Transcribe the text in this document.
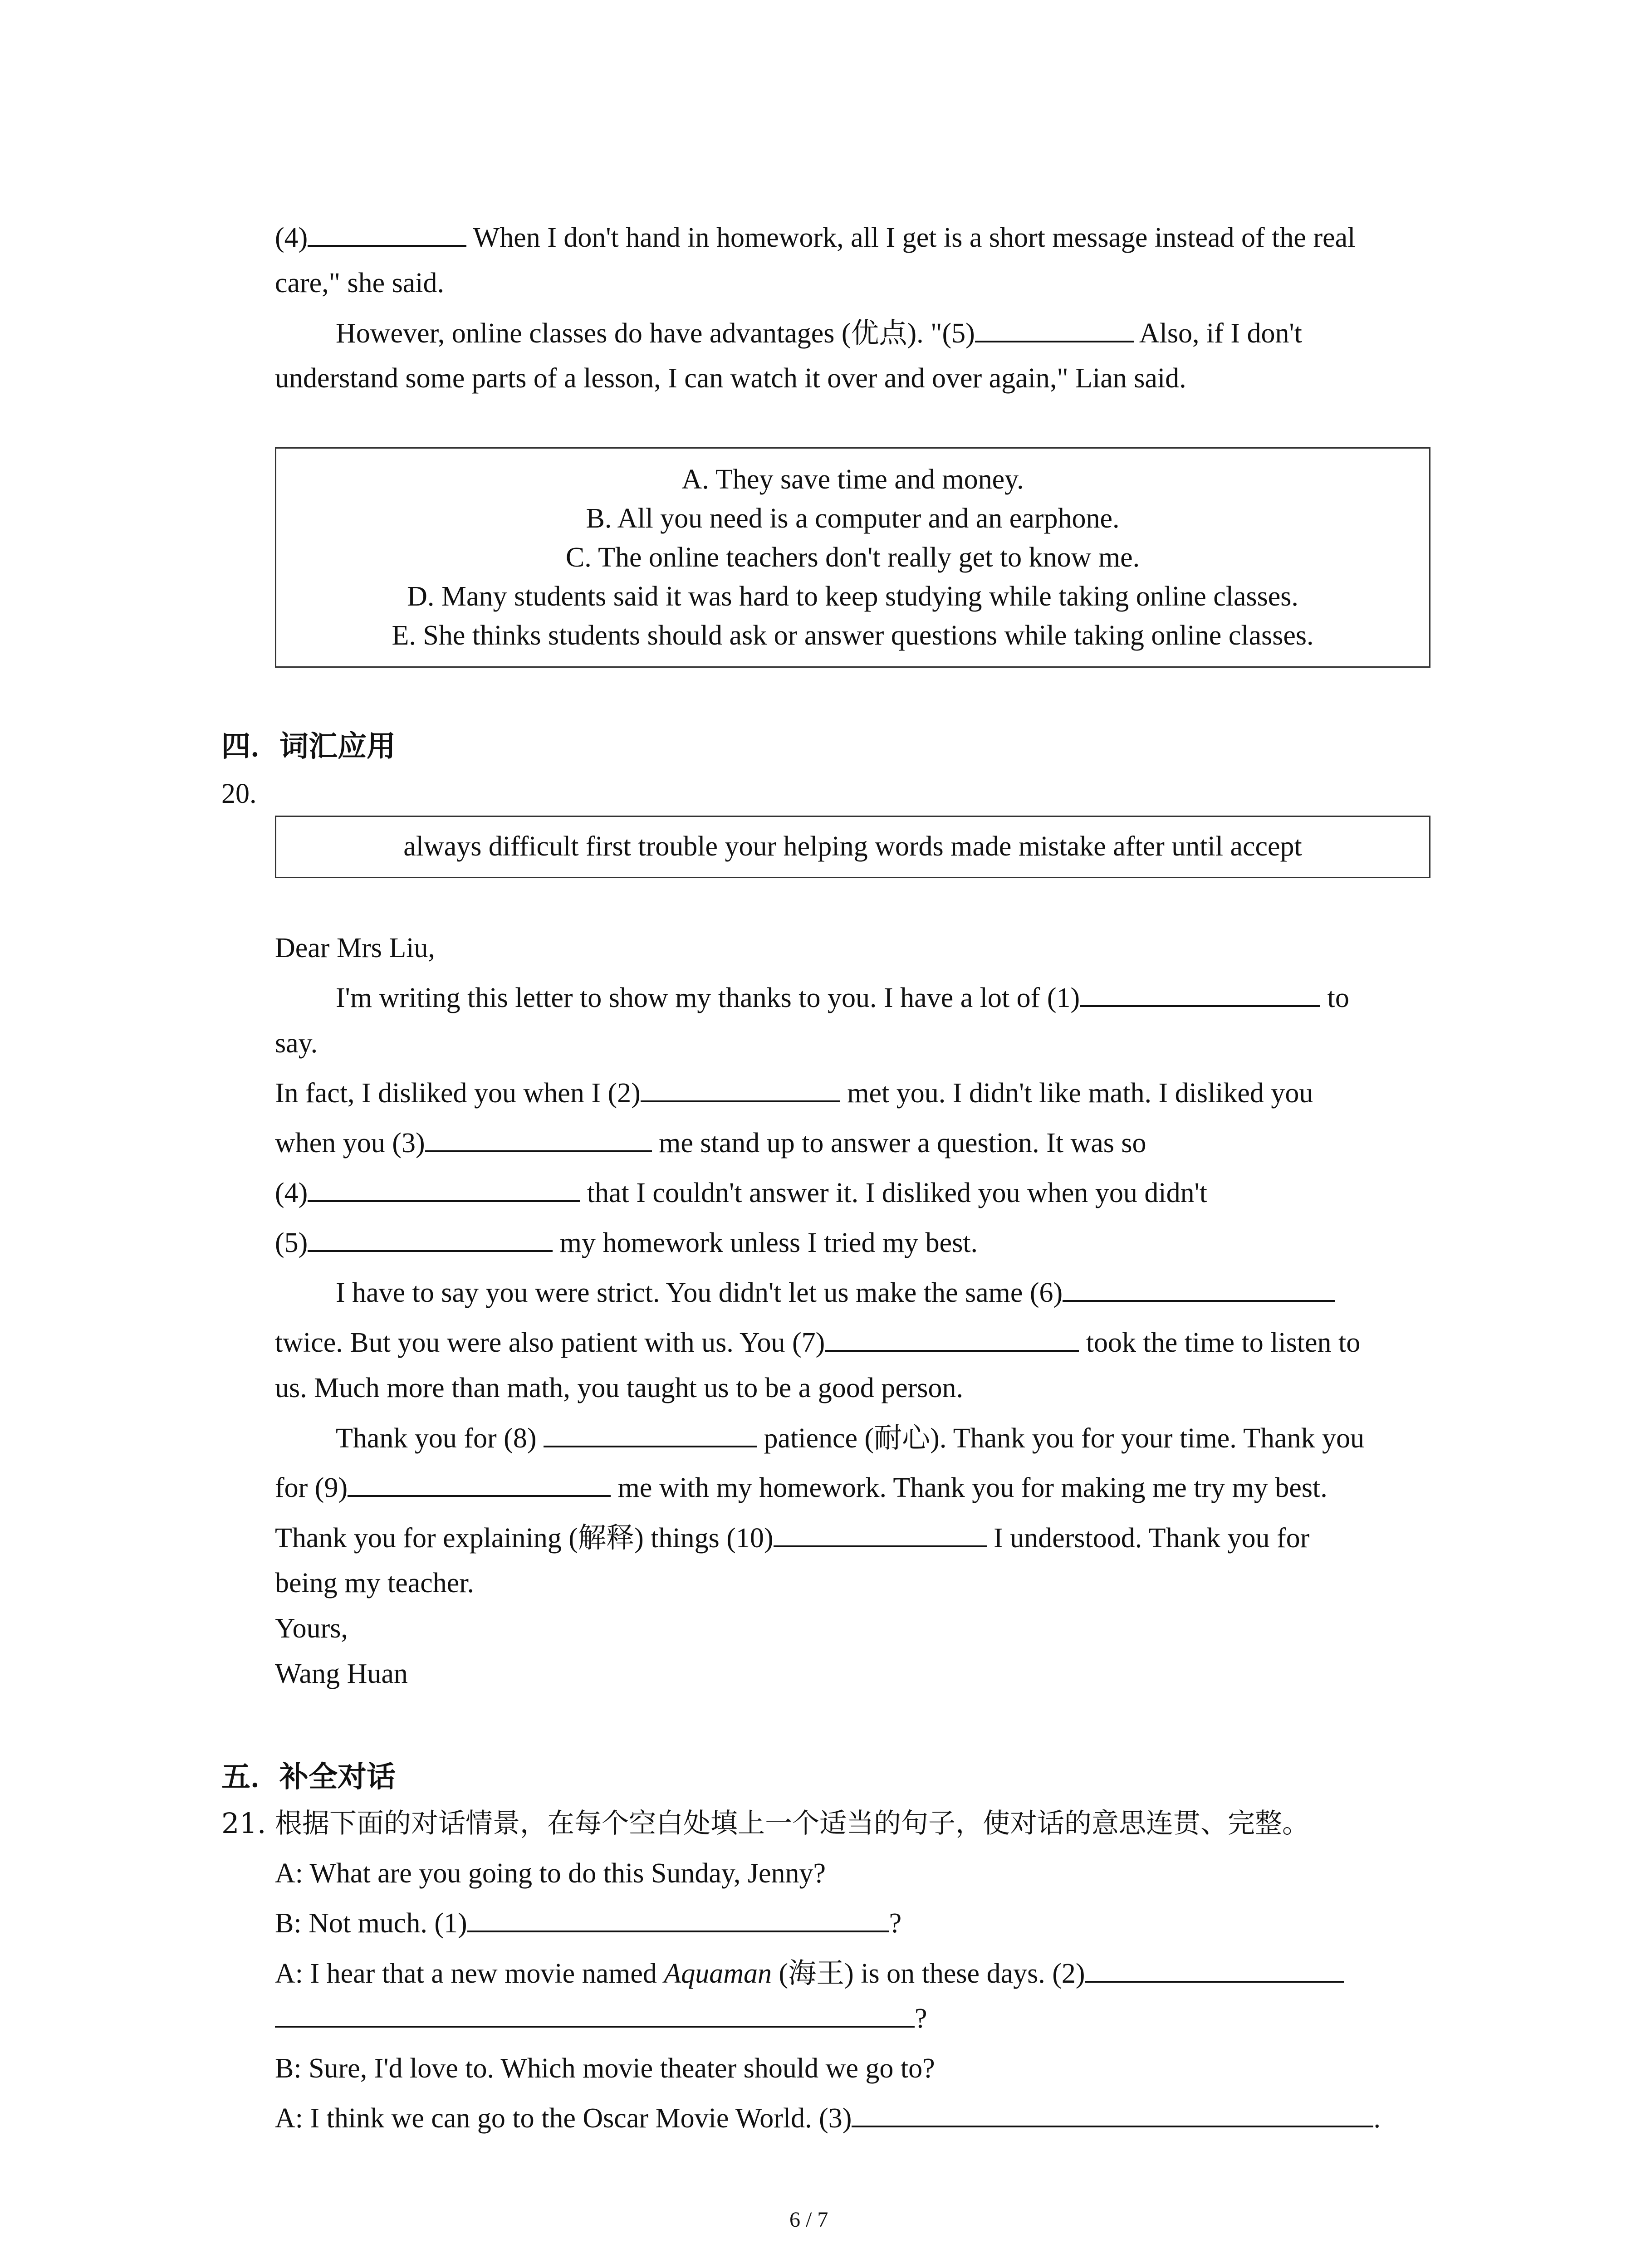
(4)	When I don't hand in homework, all I get is a short message instead of the real
care," she said.
However, online classes do have advantages (优点). "(5)	Also, if I don't
understand some parts of a lesson, I can watch it over and over again," Lian said.
A. They save time and money.
B. All you need is a computer and an earphone.
C. The online teachers don't really get to know me.
D. Many students said it was hard to keep studying while taking online classes.
E. She thinks students should ask or answer questions while taking online classes.
四．词汇应用
20.
always difficult first trouble your helping words made mistake after until accept
Dear Mrs Liu,
I'm writing this letter to show my thanks to you. I have a lot of (1)	to
say.
In fact, I disliked you when I (2)	met you. I didn't like math. I disliked you
when you (3)	me stand up to answer a question. It was so
(4)	that I couldn't answer it. I disliked you when you didn't
(5)	my homework unless I tried my best.
I have to say you were strict. You didn't let us make the same (6)
twice. But you were also patient with us. You (7)	took the time to listen to
us. Much more than math, you taught us to be a good person.
Thank you for (8)	patience (耐心). Thank you for your time. Thank you
for (9)	me with my homework. Thank you for making me try my best.
Thank you for explaining (解释) things (10)	I understood. Thank you for
being my teacher.
Yours,
Wang Huan
五．补全对话
21. 根据下面的对话情景，在每个空白处填上一个适当的句子，使对话的意思连贯、完整。
A: What are you going to do this Sunday, Jenny?
B: Not much. (1)	?
A: I hear that a new movie named Aquaman (海王) is on these days. (2)
?
B: Sure, I'd love to. Which movie theater should we go to?
A: I think we can go to the Oscar Movie World. (3)	.
6 / 7
